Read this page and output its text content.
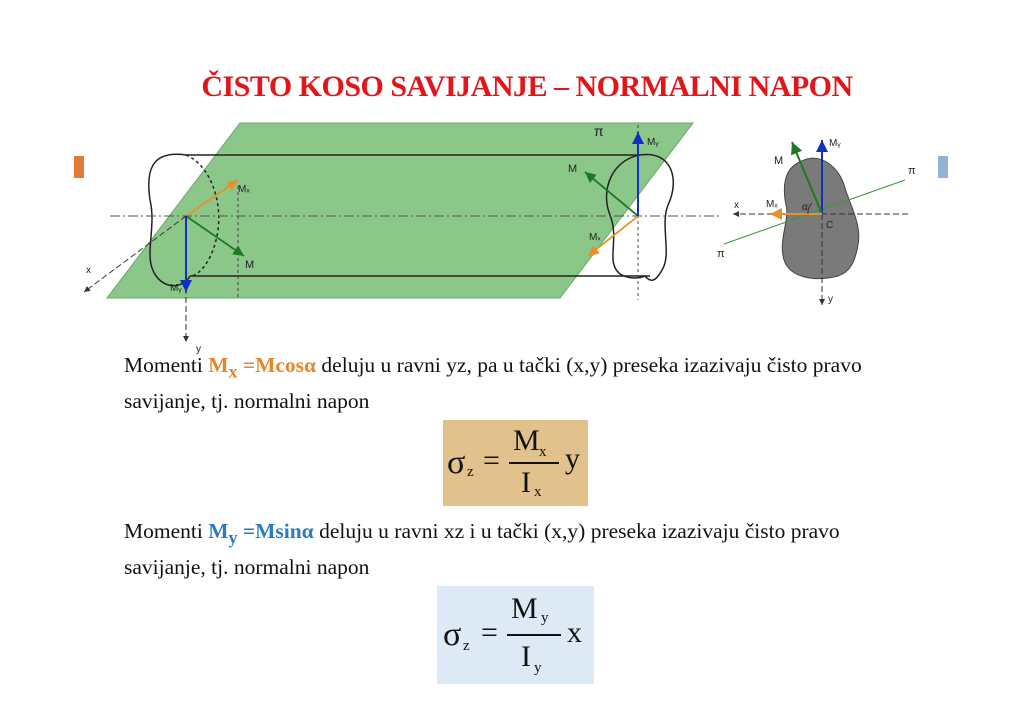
ČISTO KOSO SAVIJANJE – NORMALNI NAPON
π
x
y
Mₓ
M
Mᵧ
M
Mₓ
Mᵧ	Mᵧ
M
π
x	Mₓ α
C
π
y
Momenti $M_x =Mcos\alpha$ deluju u ravni yz, pa u tački (x,y) preseka izazivaju čisto pravo savijanje, tj. normalni napon
σ z =
M x
I x
y
Momenti $M_y =Msin\alpha$ deluju u ravni xz i u tački (x,y) preseka izazivaju čisto pravo savijanje, tj. normalni napon
σ z =
M y
I y
x
